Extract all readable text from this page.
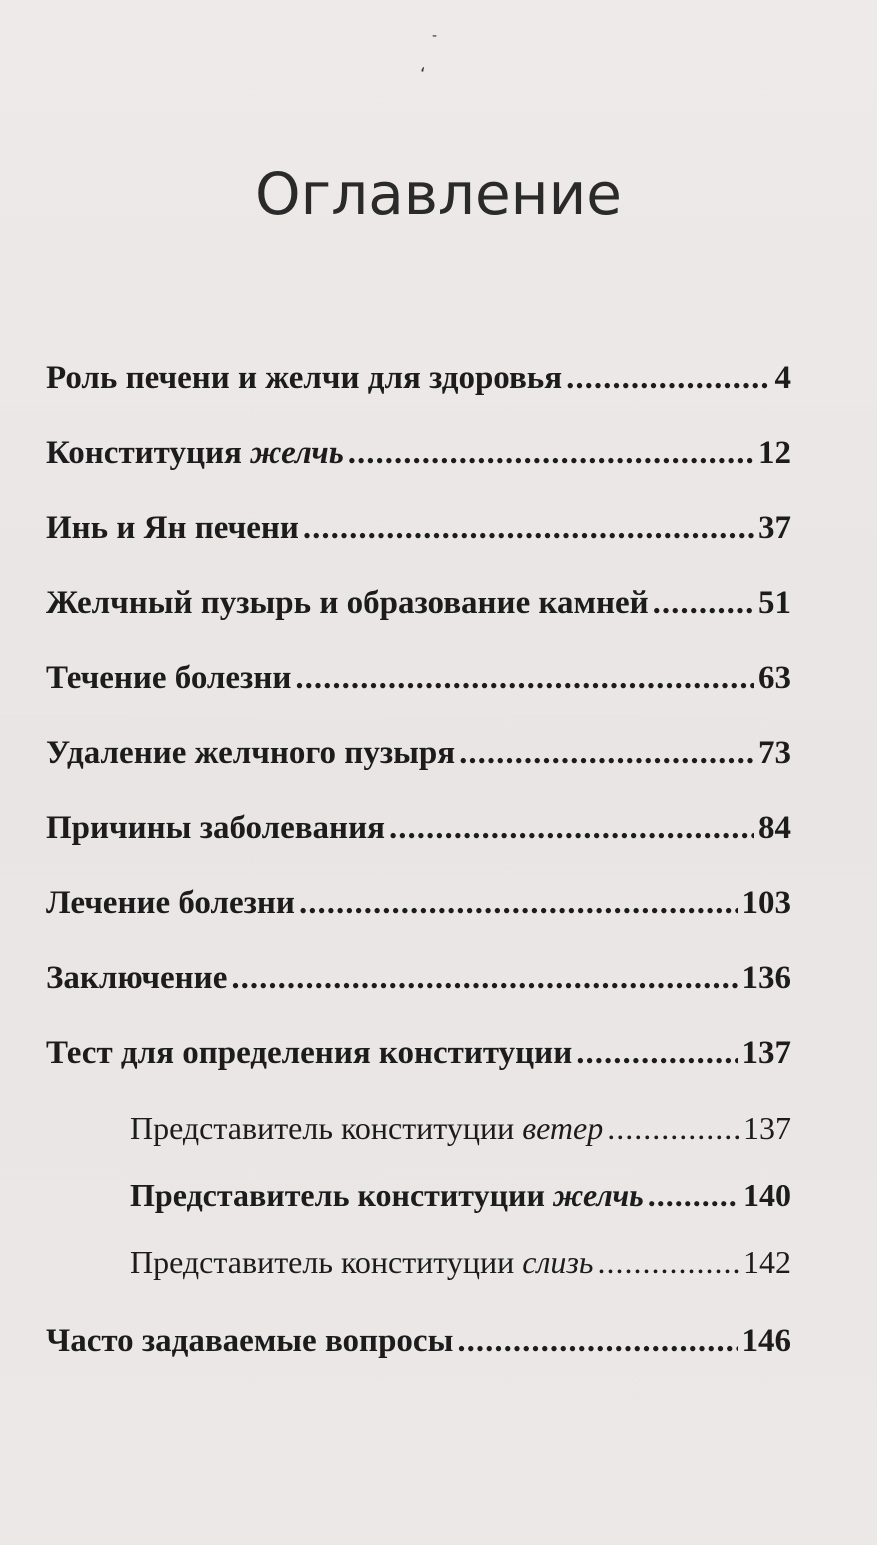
‐
ʻ
Оглавление
Роль печени и желчи для здоровья .....	4
Конституция желчь .....	12
Инь и Ян печени .....	37
Желчный пузырь и образование камней .....	51
Течение болезни .....	63
Удаление желчного пузыря .....	73
Причины заболевания .....	84
Лечение болезни .....	103
Заключение .....	136
Тест для определения конституции .....	137
Представитель конституции ветер .....	137
Представитель конституции желчь .....	140
Представитель конституции слизь .....	142
Часто задаваемые вопросы .....	146
